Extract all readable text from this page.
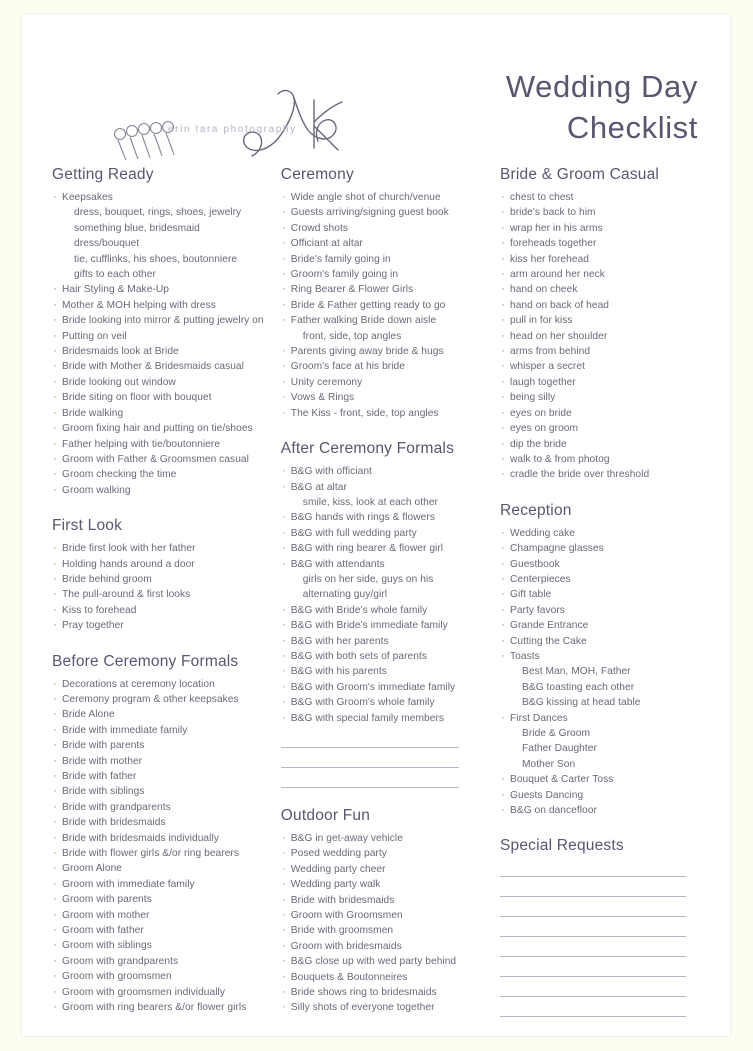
erin tara photography
Wedding Day
Checklist
Getting Ready
· Keepsakes
dress, bouquet, rings, shoes, jewelry
something blue, bridesmaid dress/bouquet
tie, cufflinks, his shoes, boutonniere
gifts to each other
· Hair Styling & Make-Up
· Mother & MOH helping with dress
· Bride looking into mirror & putting jewelry on
· Putting on veil
· Bridesmaids look at Bride
· Bride with Mother & Bridesmaids casual
· Bride looking out window
· Bride siting on floor with bouquet
· Bride walking
· Groom fixing hair and putting on tie/shoes
· Father helping with tie/boutonniere
· Groom with Father & Groomsmen casual
· Groom checking the time
· Groom walking
First Look
· Bride first look with her father
· Holding hands around a door
· Bride behind groom
· The pull-around & first looks
· Kiss to forehead
· Pray together
Before Ceremony Formals
· Decorations at ceremony location
· Ceremony program & other keepsakes
· Bride Alone
· Bride with immediate family
· Bride with parents
· Bride with mother
· Bride with father
· Bride with siblings
· Bride with grandparents
· Bride with bridesmaids
· Bride with bridesmaids individually
· Bride with flower girls &/or ring bearers
· Groom Alone
· Groom with immediate family
· Groom with parents
· Groom with mother
· Groom with father
· Groom with siblings
· Groom with grandparents
· Groom with groomsmen
· Groom with groomsmen individually
· Groom with ring bearers &/or flower girls
Ceremony
· Wide angle shot of church/venue
· Guests arriving/signing guest book
· Crowd shots
· Officiant at altar
· Bride's family going in
· Groom's family going in
· Ring Bearer & Flower Girls
· Bride & Father getting ready to go
· Father walking Bride down aisle
front, side, top angles
· Parents giving away bride & hugs
· Groom's face at his bride
· Unity ceremony
· Vows & Rings
· The Kiss - front, side, top angles
After Ceremony Formals
· B&G with officiant
· B&G at altar
smile, kiss, look at each other
· B&G hands with rings & flowers
· B&G with full wedding party
· B&G with ring bearer & flower girl
· B&G with attendants
girls on her side, guys on his
alternating guy/girl
· B&G with Bride's whole family
· B&G with Bride's immediate family
· B&G with her parents
· B&G with both sets of parents
· B&G with his parents
· B&G with Groom's immediate family
· B&G with Groom's whole family
· B&G with special family members
Outdoor Fun
· B&G in get-away vehicle
· Posed wedding party
· Wedding party cheer
· Wedding party walk
· Bride with bridesmaids
· Groom with Groomsmen
· Bride with groomsmen
· Groom with bridesmaids
· B&G close up with wed party behind
· Bouquets & Boutonneires
· Bride shows ring to bridesmaids
· Silly shots of everyone together
Bride & Groom Casual
· chest to chest
· bride's back to him
· wrap her in his arms
· foreheads together
· kiss her forehead
· arm around her neck
· hand on cheek
· hand on back of head
· pull in for kiss
· head on her shoulder
· arms from behind
· whisper a secret
· laugh together
· being silly
· eyes on bride
· eyes on groom
· dip the bride
· walk to & from photog
· cradle the bride over threshold
Reception
· Wedding cake
· Champagne glasses
· Guestbook
· Centerpieces
· Gift table
· Party favors
· Grande Entrance
· Cutting the Cake
· Toasts
Best Man, MOH, Father
B&G toasting each other
B&G kissing at head table
· First Dances
Bride & Groom
Father Daughter
Mother Son
· Bouquet & Carter Toss
· Guests Dancing
· B&G on dancefloor
Special Requests
